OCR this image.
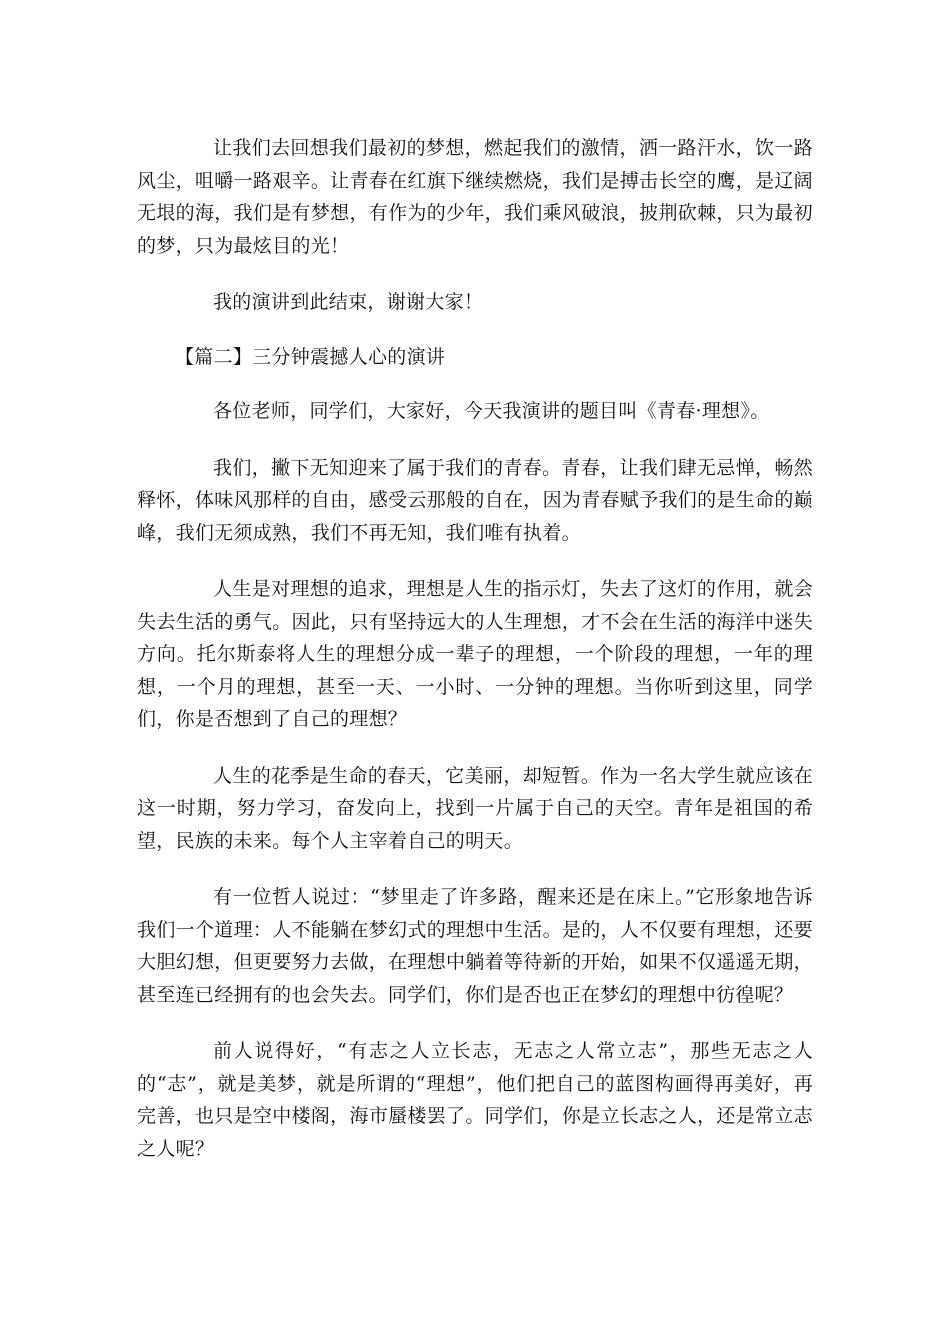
让我们去回想我们最初的梦想，燃起我们的激情，洒一路汗水，饮一路风尘，咀嚼一路艰辛。让青春在红旗下继续燃烧，我们是搏击长空的鹰，是辽阔无垠的海，我们是有梦想，有作为的少年，我们乘风破浪，披荆砍棘，只为最初的梦，只为最炫目的光！

我的演讲到此结束，谢谢大家！

【篇二】三分钟震撼人心的演讲

各位老师，同学们，大家好，今天我演讲的题目叫《青春·理想》。

我们，撇下无知迎来了属于我们的青春。青春，让我们肆无忌惮，畅然释怀，体味风那样的自由，感受云那般的自在，因为青春赋予我们的是生命的巅峰，我们无须成熟，我们不再无知，我们唯有执着。

人生是对理想的追求，理想是人生的指示灯，失去了这灯的作用，就会失去生活的勇气。因此，只有坚持远大的人生理想，才不会在生活的海洋中迷失方向。托尔斯泰将人生的理想分成一辈子的理想，一个阶段的理想，一年的理想，一个月的理想，甚至一天、一小时、一分钟的理想。当你听到这里，同学们，你是否想到了自己的理想？

人生的花季是生命的春天，它美丽，却短暂。作为一名大学生就应该在这一时期，努力学习，奋发向上，找到一片属于自己的天空。青年是祖国的希望，民族的未来。每个人主宰着自己的明天。

有一位哲人说过：“梦里走了许多路，醒来还是在床上。”它形象地告诉我们一个道理：人不能躺在梦幻式的理想中生活。是的，人不仅要有理想，还要大胆幻想，但更要努力去做，在理想中躺着等待新的开始，如果不仅遥遥无期，甚至连已经拥有的也会失去。同学们，你们是否也正在梦幻的理想中彷徨呢？

前人说得好，“有志之人立长志，无志之人常立志”，那些无志之人的“志”，就是美梦，就是所谓的“理想”，他们把自己的蓝图构画得再美好，再完善，也只是空中楼阁，海市蜃楼罢了。同学们，你是立长志之人，还是常立志之人呢？
